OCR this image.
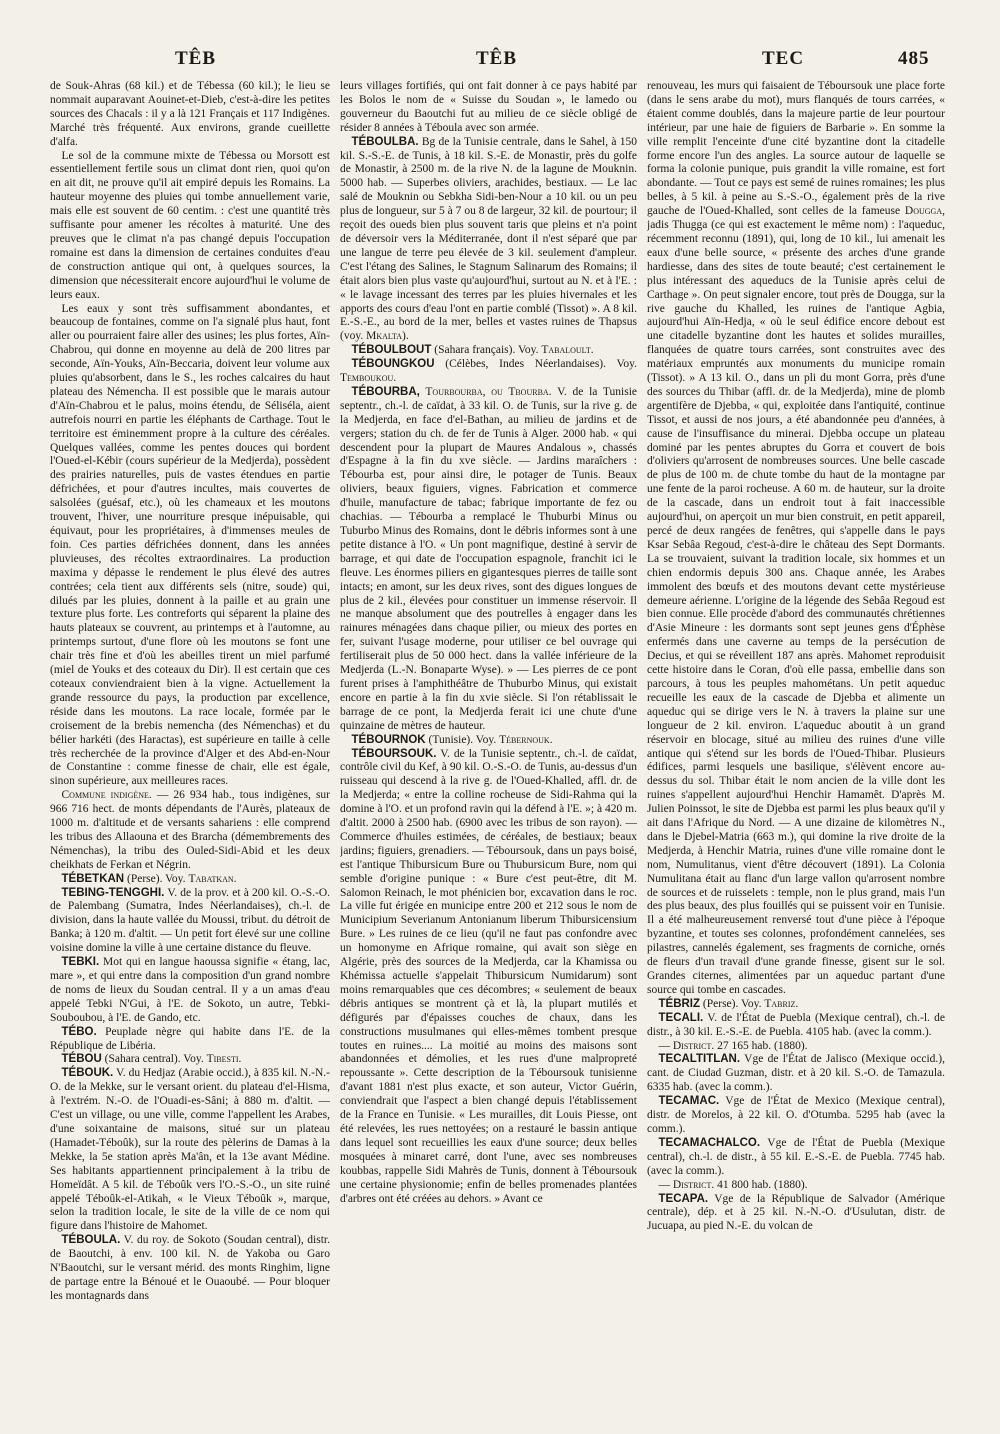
TÊB	TÊB	TEC	485

de Souk-Ahras (68 kil.) et de Tébessa (60 kil.); le lieu se nommait auparavant Aouinet-et-Dieb, c'est-à-dire les petites sources des Chacals : il y a là 121 Français et 117 Indigènes. Marché très fréquenté. Aux environs, grande cueillette d'alfa.

Le sol de la commune mixte de Tébessa ou Morsott est essentiellement fertile sous un climat dont rien, quoi qu'on en ait dit, ne prouve qu'il ait empiré depuis les Romains. La hauteur moyenne des pluies qui tombe annuellement varie, mais elle est souvent de 60 centim. : c'est une quantité très suffisante pour amener les récoltes à maturité. Une des preuves que le climat n'a pas changé depuis l'occupation romaine est dans la dimension de certaines conduites d'eau de construction antique qui ont, à quelques sources, la dimension que nécessiterait encore aujourd'hui le volume de leurs eaux.

Les eaux y sont très suffisamment abondantes, et beaucoup de fontaines, comme on l'a signalé plus haut, font aller ou pourraient faire aller des usines; les plus fortes, Aïn-Chabrou, qui donne en moyenne au delà de 200 litres par seconde, Aïn-Youks, Aïn-Beccaria, doivent leur volume aux pluies qu'absorbent, dans le S., les roches calcaires du haut plateau des Némencha. Il est possible que le marais autour d'Aïn-Chabrou et le palus, moins étendu, de Séliséla, aient autrefois nourri en partie les éléphants de Carthage. Tout le territoire est éminemment propre à la culture des céréales. Quelques vallées, comme les pentes douces qui bordent l'Oued-el-Kébir (cours supérieur de la Medjerda), possèdent des prairies naturelles, puis de vastes étendues en partie défrichées, et pour d'autres incultes, mais couvertes de salsolées (guésaf, etc.), où les chameaux et les moutons trouvent, l'hiver, une nourriture presque inépuisable, qui équivaut, pour les propriétaires, à d'immenses meules de foin. Ces parties défrichées donnent, dans les années pluvieuses, des récoltes extraordinaires. La production maxima y dépasse le rendement le plus élevé des autres contrées; cela tient aux différents sels (nitre, soude) qui, dilués par les pluies, donnent à la paille et au grain une texture plus forte. Les contreforts qui séparent la plaine des hauts plateaux se couvrent, au printemps et à l'automne, au printemps surtout, d'une flore où les moutons se font une chair très fine et d'où les abeilles tirent un miel parfumé (miel de Youks et des coteaux du Dir). Il est certain que ces coteaux conviendraient bien à la vigne. Actuellement la grande ressource du pays, la production par excellence, réside dans les moutons. La race locale, formée par le croisement de la brebis nemencha (des Némenchas) et du bélier harkéti (des Haractas), est supérieure en taille à celle très recherchée de la province d'Alger et des Abd-en-Nour de Constantine : comme finesse de chair, elle est égale, sinon supérieure, aux meilleures races.

Commune indigène. — 26 934 hab., tous indigènes, sur 966 716 hect. de monts dépendants de l'Aurès, plateaux de 1000 m. d'altitude et de versants sahariens : elle comprend les tribus des Allaouna et des Brarcha (démembrements des Némenchas), la tribu des Ouled-Sidi-Abid et les deux cheikhats de Ferkan et Négrin.

TÉBETKAN (Perse). Voy. Tabatkan.

TEBING-TENGGHI. V. de la prov. et à 200 kil. O.-S.-O. de Palembang (Sumatra, Indes Néerlandaises), ch.-l. de division, dans la haute vallée du Moussi, tribut. du détroit de Banka; à 120 m. d'altit. — Un petit fort élevé sur une colline voisine domine la ville à une certaine distance du fleuve.

TEBKI. Mot qui en langue haoussa signifie « étang, lac, mare », et qui entre dans la composition d'un grand nombre de noms de lieux du Soudan central. Il y a un amas d'eau appelé Tebki N'Gui, à l'E. de Sokoto, un autre, Tebki-Souboubou, à l'E. de Gando, etc.

TÉBO. Peuplade nègre qui habite dans l'E. de la République de Libéria.

TÉBOU (Sahara central). Voy. Tibesti.

TÉBOUK. V. du Hedjaz (Arabie occid.), à 835 kil. N.-N.-O. de la Mekke, sur le versant orient. du plateau d'el-Hisma, à l'extrém. N.-O. de l'Ouadi-es-Sâni; à 880 m. d'altit. — C'est un village, ou une ville, comme l'appellent les Arabes, d'une soixantaine de maisons, situé sur un plateau (Hamadet-Téboûk), sur la route des pèlerins de Damas à la Mekke, la 5e station après Ma'ân, et la 13e avant Médine. Ses habitants appartiennent principalement à la tribu de Homeïdât. A 5 kil. de Téboûk vers l'O.-S.-O., un site ruiné appelé Téboûk-el-Atikah, « le Vieux Téboûk », marque, selon la tradition locale, le site de la ville de ce nom qui figure dans l'histoire de Mahomet.

TÉBOULA. V. du roy. de Sokoto (Soudan central), distr. de Baoutchi, à env. 100 kil. N. de Yakoba ou Garo N'Baoutchi, sur le versant mérid. des monts Ringhim, ligne de partage entre la Bénoué et le Ouaoubé. — Pour bloquer les montagnards dans

leurs villages fortifiés, qui ont fait donner à ce pays habité par les Bolos le nom de « Suisse du Soudan », le lamedo ou gouverneur du Baoutchi fut au milieu de ce siècle obligé de résider 8 années à Téboula avec son armée.

TÉBOULBA. Bg de la Tunisie centrale, dans le Sahel, à 150 kil. S.-S.-E. de Tunis, à 18 kil. S.-E. de Monastir, près du golfe de Monastir, à 2500 m. de la rive N. de la lagune de Mouknin. 5000 hab. — Superbes oliviers, arachides, bestiaux. — Le lac salé de Mouknin ou Sebkha Sidi-ben-Nour a 10 kil. ou un peu plus de longueur, sur 5 à 7 ou 8 de largeur, 32 kil. de pourtour; il reçoit des oueds bien plus souvent taris que pleins et n'a point de déversoir vers la Méditerranée, dont il n'est séparé que par une langue de terre peu élevée de 3 kil. seulement d'ampleur. C'est l'étang des Salines, le Stagnum Salinarum des Romains; il était alors bien plus vaste qu'aujourd'hui, surtout au N. et à l'E. : « le lavage incessant des terres par les pluies hivernales et les apports des cours d'eau l'ont en partie comblé (Tissot) ». A 8 kil. E.-S.-E., au bord de la mer, belles et vastes ruines de Thapsus (voy. Mkalta).

TÉBOULBOUT (Sahara français). Voy. Tabaloult.

TÉBOUNGKOU (Célèbes, Indes Néerlandaises). Voy. Temboukou.

TÉBOURBA, Tourbourba, ou Tbourba. V. de la Tunisie septentr., ch.-l. de caïdat, à 33 kil. O. de Tunis, sur la rive g. de la Medjerda, en face d'el-Bathan, au milieu de jardins et de vergers; station du ch. de fer de Tunis à Alger. 2000 hab. « qui descendent pour la plupart de Maures Andalous », chassés d'Espagne à la fin du xve siècle. — Jardins maraîchers : Tébourba est, pour ainsi dire, le potager de Tunis. Beaux oliviers, beaux figuiers, vignes. Fabrication et commerce d'huile, manufacture de tabac; fabrique importante de fez ou chachias. — Tébourba a remplacé le Thuburbi Minus ou Tuburbo Minus des Romains, dont le débris informes sont à une petite distance à l'O. « Un pont magnifique, destiné à servir de barrage, et qui date de l'occupation espagnole, franchit ici le fleuve. Les énormes piliers en gigantesques pierres de taille sont intacts; en amont, sur les deux rives, sont des digues longues de plus de 2 kil., élevées pour constituer un immense réservoir. Il ne manque absolument que des poutrelles à engager dans les rainures ménagées dans chaque pilier, ou mieux des portes en fer, suivant l'usage moderne, pour utiliser ce bel ouvrage qui fertiliserait plus de 50 000 hect. dans la vallée inférieure de la Medjerda (L.-N. Bonaparte Wyse). » — Les pierres de ce pont furent prises à l'amphithéâtre de Thuburbo Minus, qui existait encore en partie à la fin du xvie siècle. Si l'on rétablissait le barrage de ce pont, la Medjerda ferait ici une chute d'une quinzaine de mètres de hauteur.

TÉBOURNOK (Tunisie). Voy. Tébernouk.

TÉBOURSOUK. V. de la Tunisie septentr., ch.-l. de caïdat, contrôle civil du Kef, à 90 kil. O.-S.-O. de Tunis, au-dessus d'un ruisseau qui descend à la rive g. de l'Oued-Khalled, affl. dr. de la Medjerda; « entre la colline rocheuse de Sidi-Rahma qui la domine à l'O. et un profond ravin qui la défend à l'E. »; à 420 m. d'altit. 2000 à 2500 hab. (6900 avec les tribus de son rayon). — Commerce d'huiles estimées, de céréales, de bestiaux; beaux jardins; figuiers, grenadiers. — Téboursouk, dans un pays boisé, est l'antique Thibursicum Bure ou Thubursicum Bure, nom qui semble d'origine punique : « Bure c'est peut-être, dit M. Salomon Reinach, le mot phénicien bor, excavation dans le roc. La ville fut érigée en municipe entre 200 et 212 sous le nom de Municipium Severianum Antonianum liberum Thibursicensium Bure. » Les ruines de ce lieu (qu'il ne faut pas confondre avec un homonyme en Afrique romaine, qui avait son siège en Algérie, près des sources de la Medjerda, car la Khamissa ou Khémissa actuelle s'appelait Thibursicum Numidarum) sont moins remarquables que ces décombres; « seulement de beaux débris antiques se montrent çà et là, la plupart mutilés et défigurés par d'épaisses couches de chaux, dans les constructions musulmanes qui elles-mêmes tombent presque toutes en ruines.... La moitié au moins des maisons sont abandonnées et démolies, et les rues d'une malpropreté repoussante ». Cette description de la Téboursouk tunisienne d'avant 1881 n'est plus exacte, et son auteur, Victor Guérin, conviendrait que l'aspect a bien changé depuis l'établissement de la France en Tunisie. « Les murailles, dit Louis Piesse, ont été relevées, les rues nettoyées; on a restauré le bassin antique dans lequel sont recueillies les eaux d'une source; deux belles mosquées à minaret carré, dont l'une, avec ses nombreuses koubbas, rappelle Sidi Mahrès de Tunis, donnent à Téboursouk une certaine physionomie; enfin de belles promenades plantées d'arbres ont été créées au dehors. » Avant ce

renouveau, les murs qui faisaient de Téboursouk une place forte (dans le sens arabe du mot), murs flanqués de tours carrées, « étaient comme doublés, dans la majeure partie de leur pourtour intérieur, par une haie de figuiers de Barbarie ». En somme la ville remplit l'enceinte d'une cité byzantine dont la citadelle forme encore l'un des angles. La source autour de laquelle se forma la colonie punique, puis grandit la ville romaine, est fort abondante. — Tout ce pays est semé de ruines romaines; les plus belles, à 5 kil. à peine au S.-S.-O., également près de la rive gauche de l'Oued-Khalled, sont celles de la fameuse Dougga, jadis Thugga (ce qui est exactement le même nom) : l'aqueduc, récemment reconnu (1891), qui, long de 10 kil., lui amenait les eaux d'une belle source, « présente des arches d'une grande hardiesse, dans des sites de toute beauté; c'est certainement le plus intéressant des aqueducs de la Tunisie après celui de Carthage ». On peut signaler encore, tout près de Dougga, sur la rive gauche du Khalled, les ruines de l'antique Agbia, aujourd'hui Aïn-Hedja, « où le seul édifice encore debout est une citadelle byzantine dont les hautes et solides murailles, flanquées de quatre tours carrées, sont construites avec des matériaux empruntés aux monuments du municipe romain (Tissot). » A 13 kil. O., dans un pli du mont Gorra, près d'une des sources du Thibar (affl. dr. de la Medjerda), mine de plomb argentifère de Djebba, « qui, exploitée dans l'antiquité, continue Tissot, et aussi de nos jours, a été abandonnée peu d'années, à cause de l'insuffisance du minerai. Djebba occupe un plateau dominé par les pentes abruptes du Gorra et couvert de bois d'oliviers qu'arrosent de nombreuses sources. Une belle cascade de plus de 100 m. de chute tombe du haut de la montagne par une fente de la paroi rocheuse. A 60 m. de hauteur, sur la droite de la cascade, dans un endroit tout à fait inaccessible aujourd'hui, on aperçoit un mur bien construit, en petit appareil, percé de deux rangées de fenêtres, qui s'appelle dans le pays Ksar Sebâa Regoud, c'est-à-dire le château des Sept Dormants. La se trouvaient, suivant la tradition locale, six hommes et un chien endormis depuis 300 ans. Chaque année, les Arabes immolent des bœufs et des moutons devant cette mystérieuse demeure aérienne. L'origine de la légende des Sebâa Regoud est bien connue. Elle procède d'abord des communautés chrétiennes d'Asie Mineure : les dormants sont sept jeunes gens d'Éphèse enfermés dans une caverne au temps de la persécution de Decius, et qui se réveillent 187 ans après. Mahomet reproduisit cette histoire dans le Coran, d'où elle passa, embellie dans son parcours, à tous les peuples mahométans. Un petit aqueduc recueille les eaux de la cascade de Djebba et alimente un aqueduc qui se dirige vers le N. à travers la plaine sur une longueur de 2 kil. environ. L'aqueduc aboutit à un grand réservoir en blocage, situé au milieu des ruines d'une ville antique qui s'étend sur les bords de l'Oued-Thibar. Plusieurs édifices, parmi lesquels une basilique, s'élèvent encore au-dessus du sol. Thibar était le nom ancien de la ville dont les ruines s'appellent aujourd'hui Henchir Hamamêt. D'après M. Julien Poinssot, le site de Djebba est parmi les plus beaux qu'il y ait dans l'Afrique du Nord. — A une dizaine de kilomètres N., dans le Djebel-Matria (663 m.), qui domine la rive droite de la Medjerda, à Henchir Matria, ruines d'une ville romaine dont le nom, Numulitanus, vient d'être découvert (1891). La Colonia Numulitana était au flanc d'un large vallon qu'arrosent nombre de sources et de ruisselets : temple, non le plus grand, mais l'un des plus beaux, des plus fouillés qui se puissent voir en Tunisie. Il a été malheureusement renversé tout d'une pièce à l'époque byzantine, et toutes ses colonnes, profondément cannelées, ses pilastres, cannelés également, ses fragments de corniche, ornés de fleurs d'un travail d'une grande finesse, gisent sur le sol. Grandes citernes, alimentées par un aqueduc partant d'une source qui tombe en cascades.

TÉBRIZ (Perse). Voy. Tabriz.

TECALI. V. de l'État de Puebla (Mexique central), ch.-l. de distr., à 30 kil. E.-S.-E. de Puebla. 4105 hab. (avec la comm.).

— District. 27 165 hab. (1880).

TECALTITLAN. Vge de l'État de Jalisco (Mexique occid.), cant. de Ciudad Guzman, distr. et à 20 kil. S.-O. de Tamazula. 6335 hab. (avec la comm.).

TECAMAC. Vge de l'État de Mexico (Mexique central), distr. de Morelos, à 22 kil. O. d'Otumba. 5295 hab (avec la comm.).

TECAMACHALCO. Vge de l'État de Puebla (Mexique central), ch.-l. de distr., à 55 kil. E.-S.-E. de Puebla. 7745 hab. (avec la comm.).

— District. 41 800 hab. (1880).

TECAPA. Vge de la République de Salvador (Amérique centrale), dép. et à 25 kil. N.-N.-O. d'Usulutan, distr. de Jucuapa, au pied N.-E. du volcan de
